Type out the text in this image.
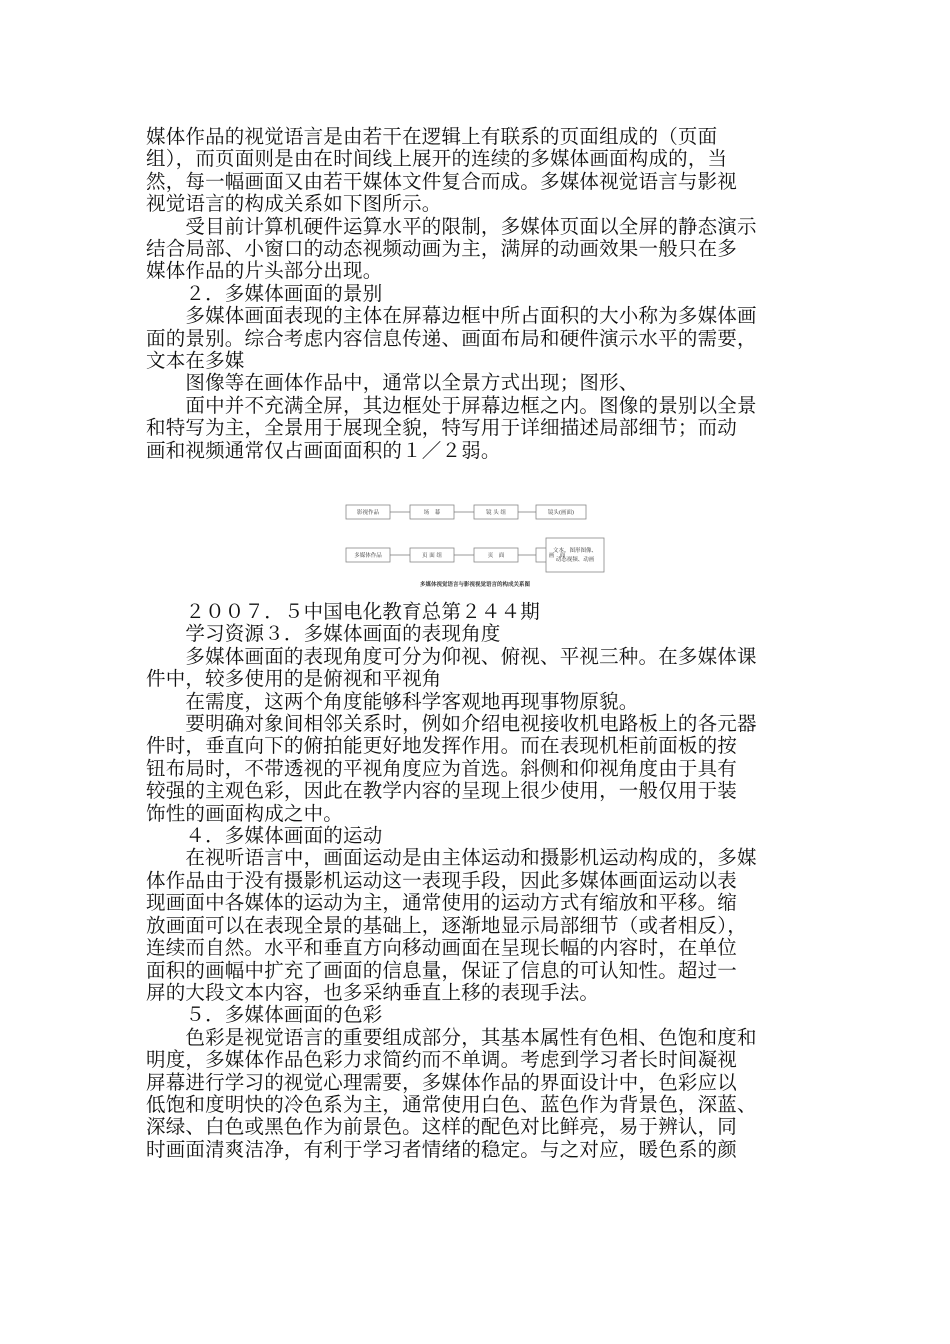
媒体作品的视觉语言是由若干在逻辑上有联系的页面组成的（页面

组），而页面则是由在时间线上展开的连续的多媒体画面构成的，当

然，每一幅画面又由若干媒体文件复合而成。多媒体视觉语言与影视

视觉语言的构成关系如下图所示。

　　受目前计算机硬件运算水平的限制，多媒体页面以全屏的静态演示

结合局部、小窗口的动态视频动画为主，满屏的动画效果一般只在多

媒体作品的片头部分出现。

　　２．多媒体画面的景别

　　多媒体画面表现的主体在屏幕边框中所占面积的大小称为多媒体画

面的景别。综合考虑内容信息传递、画面布局和硬件演示水平的需要，

文本在多媒

　　图像等在画体作品中，通常以全景方式出现；图形、

　　面中并不充满全屏，其边框处于屏幕边框之内。图像的景别以全景

和特写为主，全景用于展现全貌，特写用于详细描述局部细节；而动

画和视频通常仅占画面面积的１／２弱。

影视作品	场　幕	镜 头 组	镜头(画面)
多媒体作品	页 面 组	页　面	画　面
文本、图形图像、
动态视频、动画
多媒体视觉语言与影视视觉语言的构成关系图

　　２００７．５中国电化教育总第２４４期

　　学习资源３．多媒体画面的表现角度

　　多媒体画面的表现角度可分为仰视、俯视、平视三种。在多媒体课

件中，较多使用的是俯视和平视角

　　在需度，这两个角度能够科学客观地再现事物原貌。

　　要明确对象间相邻关系时，例如介绍电视接收机电路板上的各元器

件时，垂直向下的俯拍能更好地发挥作用。而在表现机柜前面板的按

钮布局时，不带透视的平视角度应为首选。斜侧和仰视角度由于具有

较强的主观色彩，因此在教学内容的呈现上很少使用，一般仅用于装

饰性的画面构成之中。

　　４．多媒体画面的运动

　　在视听语言中，画面运动是由主体运动和摄影机运动构成的，多媒

体作品由于没有摄影机运动这一表现手段，因此多媒体画面运动以表

现画面中各媒体的运动为主，通常使用的运动方式有缩放和平移。缩

放画面可以在表现全景的基础上，逐渐地显示局部细节（或者相反），

连续而自然。水平和垂直方向移动画面在呈现长幅的内容时，在单位

面积的画幅中扩充了画面的信息量，保证了信息的可认知性。超过一

屏的大段文本内容，也多采纳垂直上移的表现手法。

　　５．多媒体画面的色彩

　　色彩是视觉语言的重要组成部分，其基本属性有色相、色饱和度和

明度，多媒体作品色彩力求简约而不单调。考虑到学习者长时间凝视

屏幕进行学习的视觉心理需要，多媒体作品的界面设计中，色彩应以

低饱和度明快的冷色系为主，通常使用白色、蓝色作为背景色，深蓝、

深绿、白色或黑色作为前景色。这样的配色对比鲜亮，易于辨认，同

时画面清爽洁净，有利于学习者情绪的稳定。与之对应，暖色系的颜
